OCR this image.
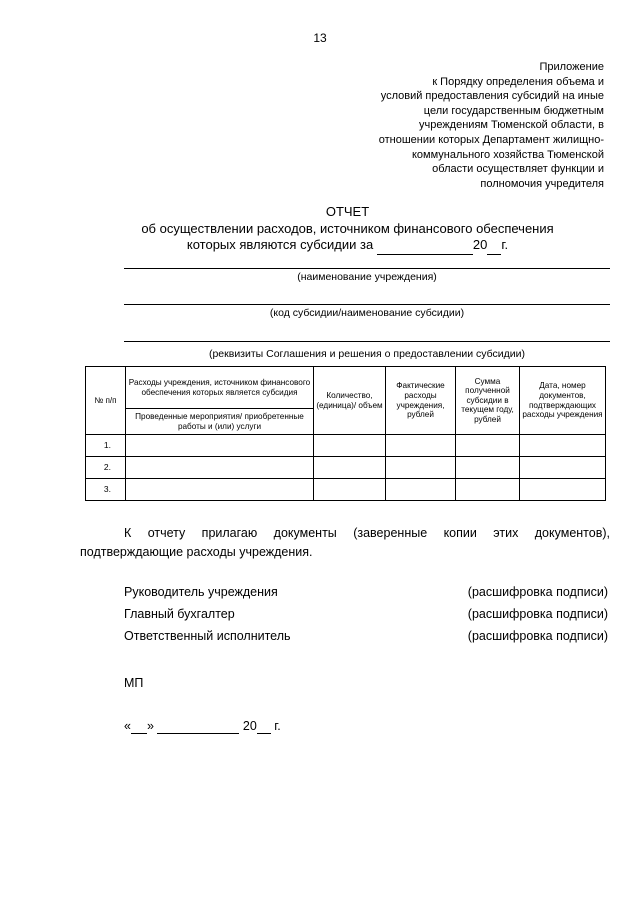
13
Приложение
к Порядку определения объема и
условий предоставления субсидий на иные
цели государственным бюджетным
учреждениям Тюменской области, в
отношении которых Департамент жилищно-
коммунального хозяйства Тюменской
области осуществляет функции и
полномочия учредителя
ОТЧЕТ
об осуществлении расходов, источником финансового обеспечения
которых являются субсидии за	20 г.
(наименование учреждения)
(код субсидии/наименование субсидии)
(реквизиты Соглашения и решения о предоставлении субсидии)
№ п/п	Расходы учреждения, источником финансового обеспечения которых является субсидия	Количество, (единица)/ объем	Фактические расходы учреждения, рублей	Сумма полученной субсидии в текущем году, рублей	Дата, номер документов, подтверждающих расходы учреждения
	Проведенные мероприятия/ приобретенные работы и (или) услуги				
1.					
2.					
3.					
К отчету прилагаю документы (заверенные копии этих документов), подтверждающие расходы учреждения.
Руководитель учреждения	(расшифровка подписи)
Главный бухгалтер	(расшифровка подписи)
Ответственный исполнитель	(расшифровка подписи)
МП
« »	20 г.
